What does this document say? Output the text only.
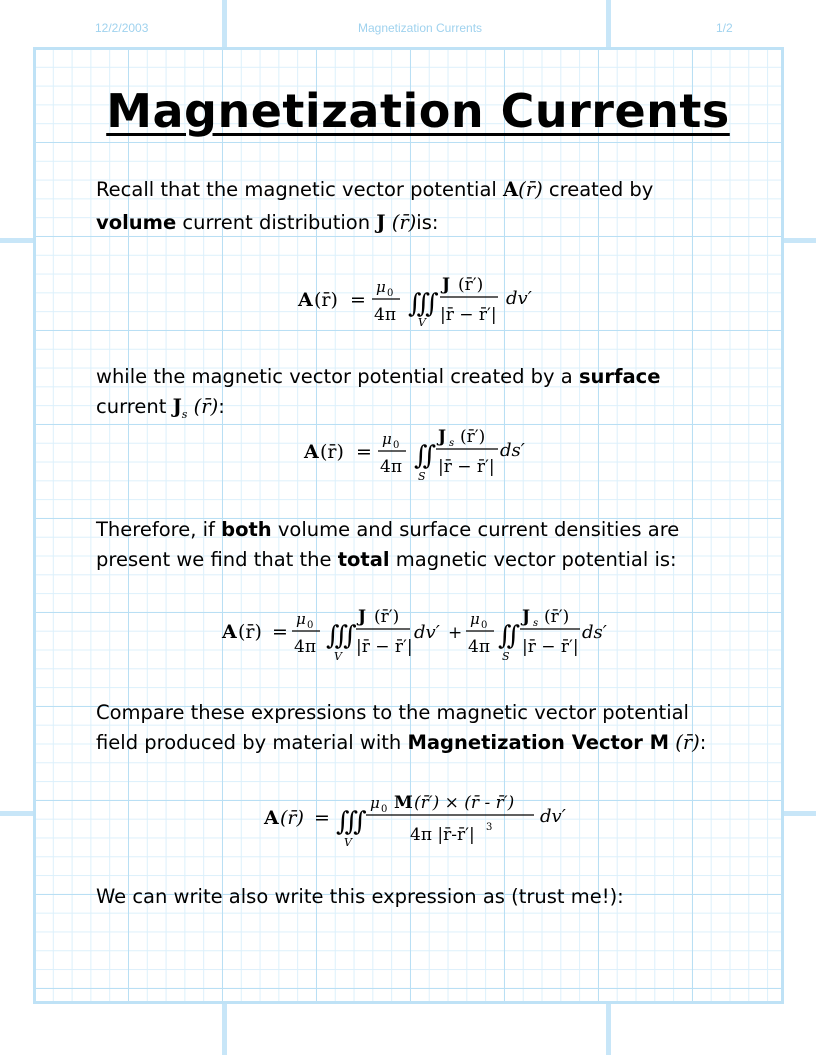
12/2/2003	Magnetization Currents	1/2
Magnetization Currents
Recall that the magnetic vector potential A(r̄) created by
volume current distribution J (r̄)is:
A (r̄) =
μ 0
4π ∭
V
J (r̄′)
|r̄ − r̄′|
dv′
while the magnetic vector potential created by a surface
current $J_s$ (r̄):
A (r̄) =
μ 0
4π ∬
S
J s (r̄′)
|r̄ − r̄′|
ds′
Therefore, if both volume and surface current densities are
present we find that the total magnetic vector potential is:
A (r̄) =
μ 0
4π ∭
V
J (r̄′)
|r̄ − r̄′|
dv′ +
μ 0
4π ∬
S
J s (r̄′)
|r̄ − r̄′|
ds′
Compare these expressions to the magnetic vector potential
field produced by material with Magnetization Vector M (r̄):
A (r̄) = ∭
V
μ 0 M (r̄′) × (r̄ - r̄′)
4π |r̄-r̄′| 3
dv′
We can write also write this expression as (trust me!):
